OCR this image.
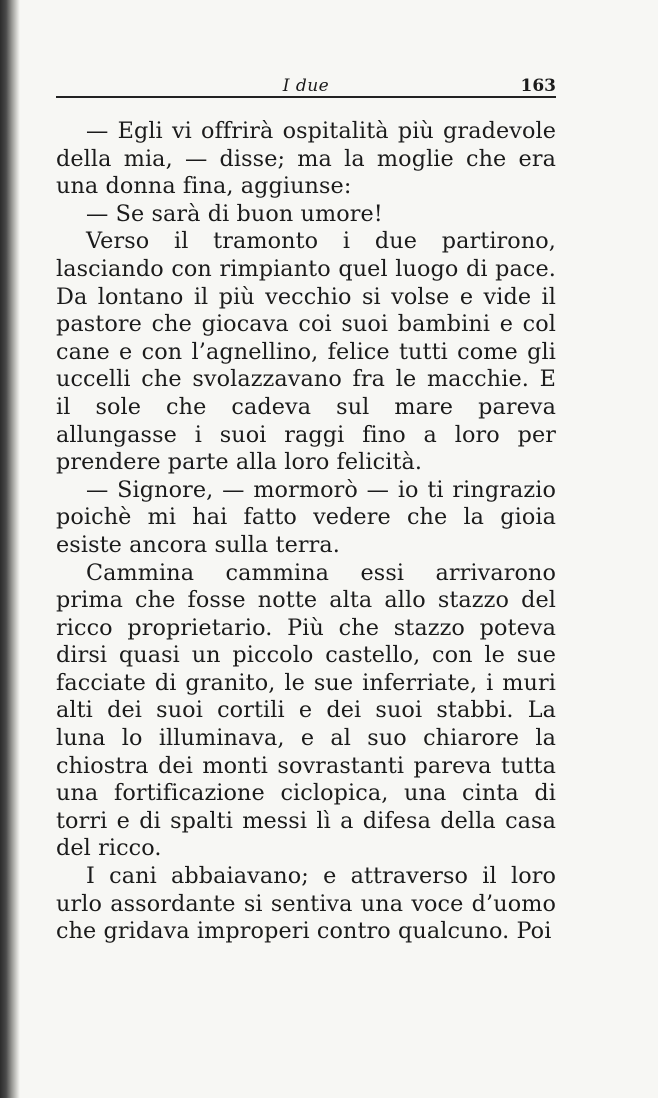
I due	163

— Egli vi offrirà ospitalità più gradevole della mia, — disse; ma la moglie che era una donna fina, aggiunse:

— Se sarà di buon umore!

Verso il tramonto i due partirono, lasciando con rimpianto quel luogo di pace. Da lontano il più vecchio si volse e vide il pastore che giocava coi suoi bambini e col cane e con l’agnellino, felice tutti come gli uccelli che svolazzavano fra le macchie. E il sole che cadeva sul mare pareva allungasse i suoi raggi fino a loro per prendere parte alla loro felicità.

— Signore, — mormorò — io ti ringrazio poichè mi hai fatto vedere che la gioia esiste ancora sulla terra.

Cammina cammina essi arrivarono prima che fosse notte alta allo stazzo del ricco proprietario. Più che stazzo poteva dirsi quasi un piccolo castello, con le sue facciate di granito, le sue inferriate, i muri alti dei suoi cortili e dei suoi stabbi. La luna lo illuminava, e al suo chiarore la chiostra dei monti sovrastanti pareva tutta una fortificazione ciclopica, una cinta di torri e di spalti messi lì a difesa della casa del ricco.

I cani abbaiavano; e attraverso il loro urlo assordante si sentiva una voce d’uomo che gridava improperi contro qualcuno. Poi
